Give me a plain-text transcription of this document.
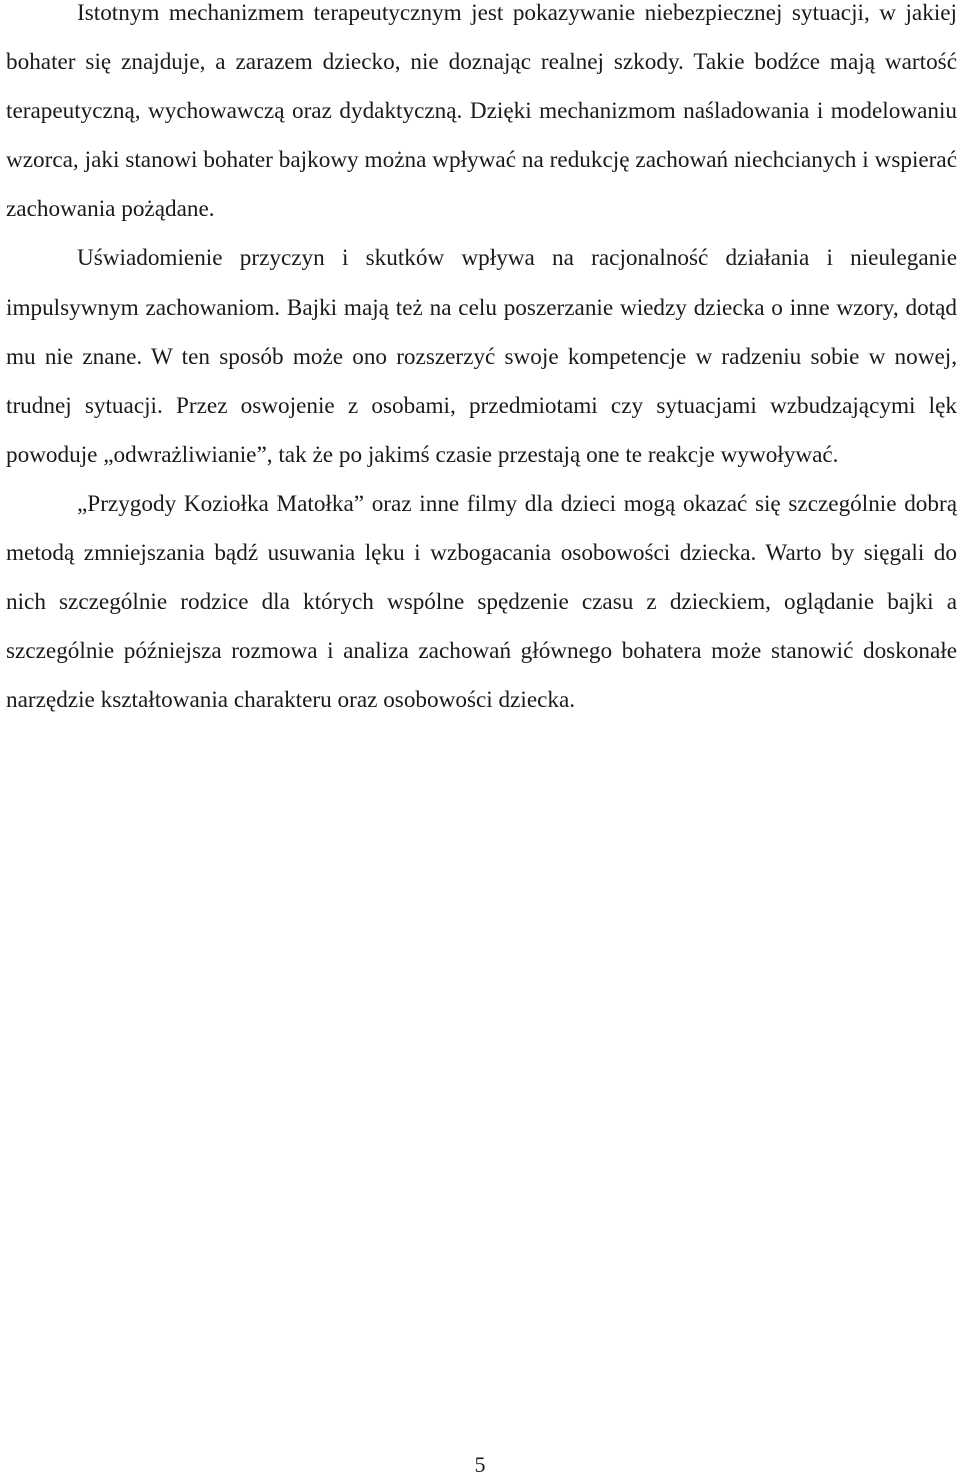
Istotnym mechanizmem terapeutycznym jest pokazywanie niebezpiecznej sytuacji, w jakiej bohater się znajduje, a zarazem dziecko, nie doznając realnej szkody. Takie bodźce mają wartość terapeutyczną, wychowawczą oraz dydaktyczną. Dzięki mechanizmom naśladowania i modelowaniu wzorca, jaki stanowi bohater bajkowy można wpływać na redukcję zachowań niechcianych i wspierać zachowania pożądane.

Uświadomienie przyczyn i skutków wpływa na racjonalność działania i nieuleganie impulsywnym zachowaniom. Bajki mają też na celu poszerzanie wiedzy dziecka o inne wzory, dotąd mu nie znane. W ten sposób może ono rozszerzyć swoje kompetencje w radzeniu sobie w nowej, trudnej sytuacji. Przez oswojenie z osobami, przedmiotami czy sytuacjami wzbudzającymi lęk powoduje „odwrażliwianie”, tak że po jakimś czasie przestają one te reakcje wywoływać.

„Przygody Koziołka Matołka” oraz inne filmy dla dzieci mogą okazać się szczególnie dobrą metodą zmniejszania bądź usuwania lęku i wzbogacania osobowości dziecka. Warto by sięgali do nich szczególnie rodzice dla których wspólne spędzenie czasu z dzieckiem, oglądanie bajki a szczególnie późniejsza rozmowa i analiza zachowań głównego bohatera może stanowić doskonałe narzędzie kształtowania charakteru oraz osobowości dziecka.

5
